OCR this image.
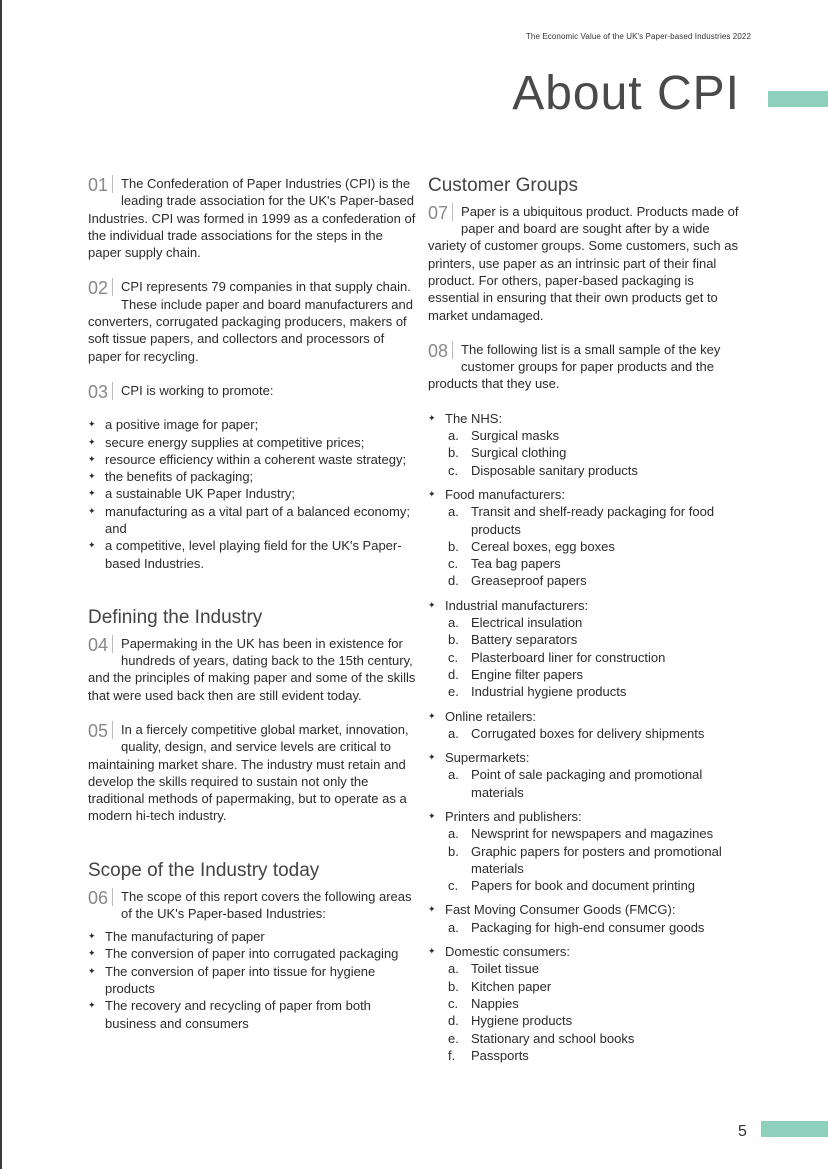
The Economic Value of the UK's Paper-based Industries 2022
About CPI
01	The Confederation of Paper Industries (CPI) is the leading trade association for the UK's Paper-based Industries. CPI was formed in 1999 as a confederation of the individual trade associations for the steps in the paper supply chain.
02	CPI represents 79 companies in that supply chain. These include paper and board manufacturers and converters, corrugated packaging producers, makers of soft tissue papers, and collectors and processors of paper for recycling.
03	CPI is working to promote:
✦ a positive image for paper;
✦ secure energy supplies at competitive prices;
✦ resource efficiency within a coherent waste strategy;
✦ the benefits of packaging;
✦ a sustainable UK Paper Industry;
✦ manufacturing as a vital part of a balanced economy; and
✦ a competitive, level playing field for the UK's Paper-based Industries.
Defining the Industry
04	Papermaking in the UK has been in existence for hundreds of years, dating back to the 15th century, and the principles of making paper and some of the skills that were used back then are still evident today.
05	In a fiercely competitive global market, innovation, quality, design, and service levels are critical to maintaining market share. The industry must retain and develop the skills required to sustain not only the traditional methods of papermaking, but to operate as a modern hi-tech industry.
Scope of the Industry today
06	The scope of this report covers the following areas of the UK's Paper-based Industries:
✦ The manufacturing of paper
✦ The conversion of paper into corrugated packaging
✦ The conversion of paper into tissue for hygiene products
✦ The recovery and recycling of paper from both business and consumers
Customer Groups
07	Paper is a ubiquitous product. Products made of paper and board are sought after by a wide variety of customer groups. Some customers, such as printers, use paper as an intrinsic part of their final product. For others, paper-based packaging is essential in ensuring that their own products get to market undamaged.
08	The following list is a small sample of the key customer groups for paper products and the products that they use.
✦ The NHS:
a. Surgical masks
b. Surgical clothing
c. Disposable sanitary products
✦ Food manufacturers:
a. Transit and shelf-ready packaging for food products
b. Cereal boxes, egg boxes
c. Tea bag papers
d. Greaseproof papers
✦ Industrial manufacturers:
a. Electrical insulation
b. Battery separators
c. Plasterboard liner for construction
d. Engine filter papers
e. Industrial hygiene products
✦ Online retailers:
a. Corrugated boxes for delivery shipments
✦ Supermarkets:
a. Point of sale packaging and promotional materials
✦ Printers and publishers:
a. Newsprint for newspapers and magazines
b. Graphic papers for posters and promotional materials
c. Papers for book and document printing
✦ Fast Moving Consumer Goods (FMCG):
a. Packaging for high-end consumer goods
✦ Domestic consumers:
a. Toilet tissue
b. Kitchen paper
c. Nappies
d. Hygiene products
e. Stationary and school books
f. Passports
5
